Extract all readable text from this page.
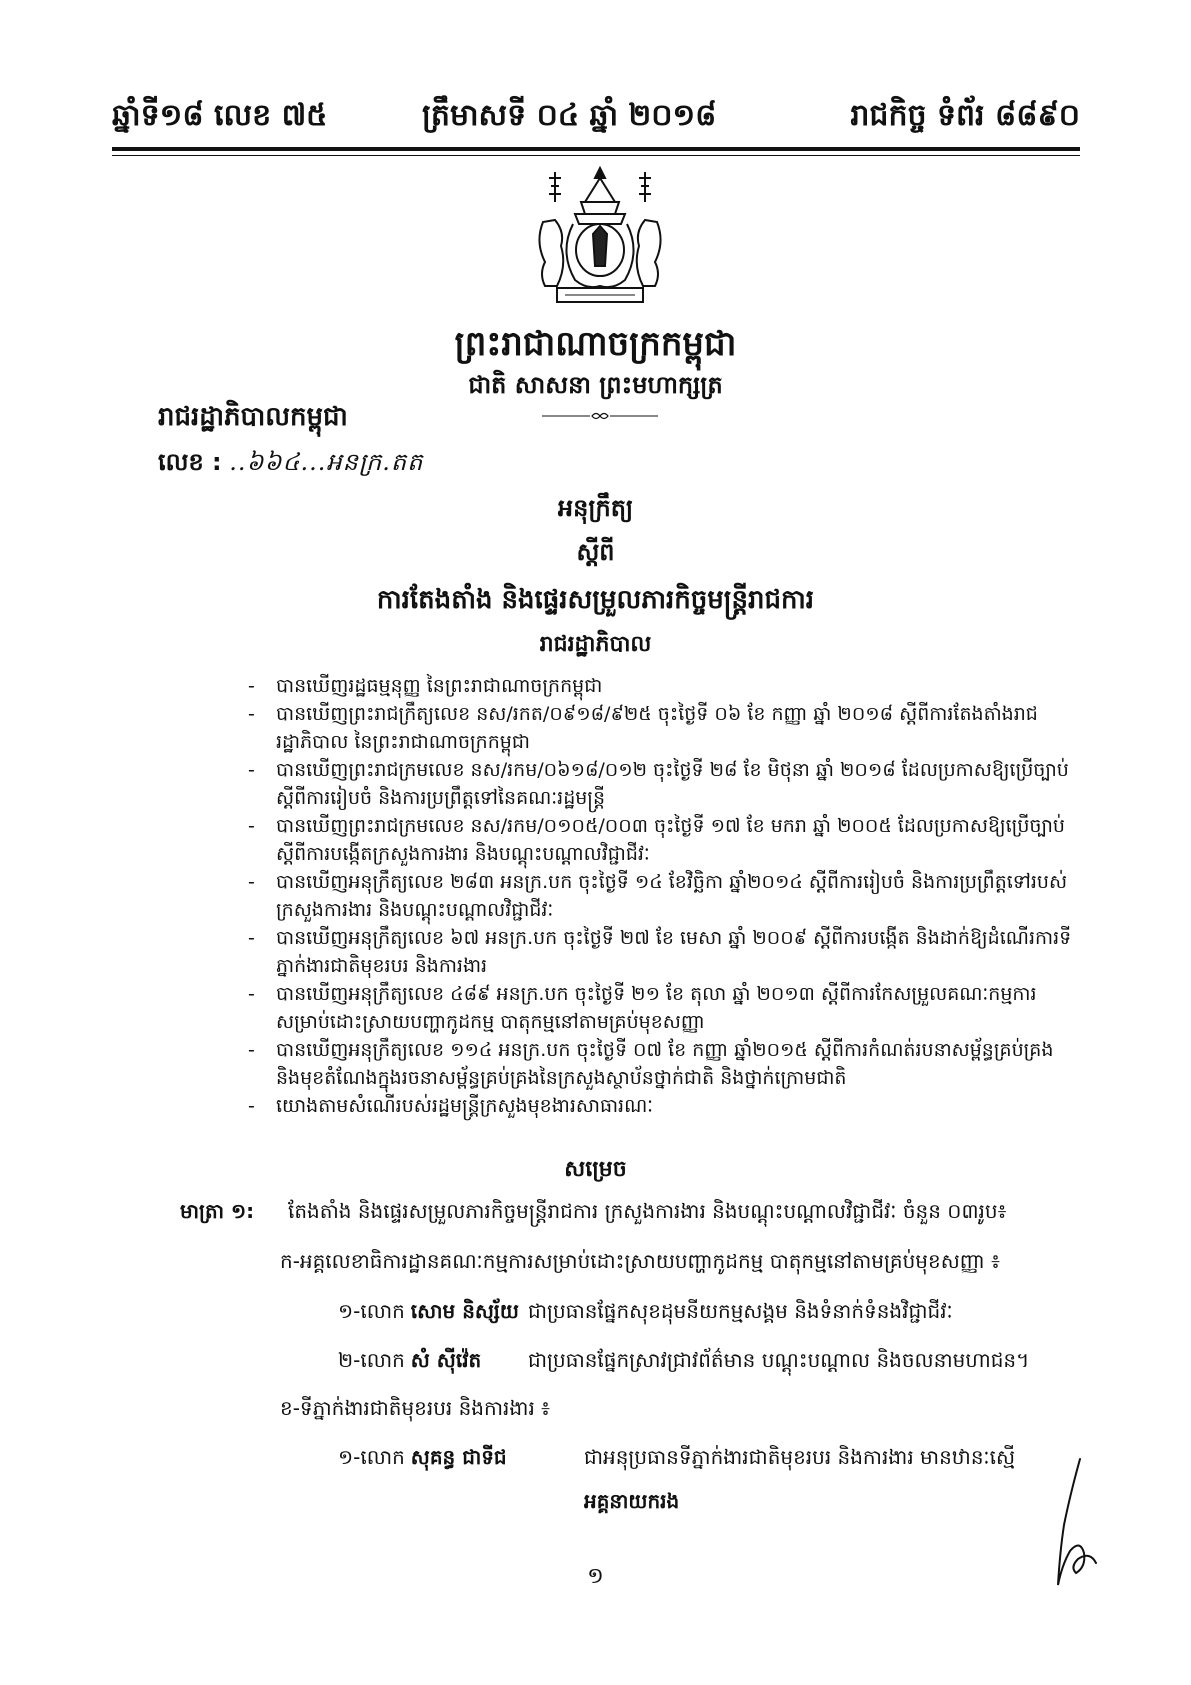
ឆ្នាំទី១៨ លេខ ៧៥	ត្រឹមាសទី ០៤ ឆ្នាំ ២០១៨	រាជកិច្ច ទំព័រ ៨៨៩០
ព្រះរាជាណាចក្រកម្ពុជា
ជាតិ សាសនា ព្រះមហាក្សត្រ
រាជរដ្ឋាភិបាលកម្ពុជា
លេខ : ..៦៦៤...អនក្រ.តត
អនុក្រឹត្យ
ស្តីពី
ការតែងតាំង និងផ្ទេរសម្រួលភារកិច្ចមន្ត្រីរាជការ
រាជរដ្ឋាភិបាល
- បានឃើញរដ្ឋធម្មនុញ្ញ នៃព្រះរាជាណាចក្រកម្ពុជា
- បានឃើញព្រះរាជក្រឹត្យលេខ នស/រកត/០៩១៨/៩២៥ ចុះថ្ងៃទី ០៦ ខែ កញ្ញា ឆ្នាំ ២០១៨ ស្តីពីការតែងតាំងរាជរដ្ឋាភិបាល នៃព្រះរាជាណាចក្រកម្ពុជា
- បានឃើញព្រះរាជក្រមលេខ នស/រកម/០៦១៨/០១២ ចុះថ្ងៃទី ២៨ ខែ មិថុនា ឆ្នាំ ២០១៨ ដែលប្រកាសឱ្យប្រើច្បាប់ ស្តីពីការរៀបចំ និងការប្រព្រឹត្តទៅនៃគណៈរដ្ឋមន្ត្រី
- បានឃើញព្រះរាជក្រមលេខ នស/រកម/០១០៥/០០៣ ចុះថ្ងៃទី ១៧ ខែ មករា ឆ្នាំ ២០០៥ ដែលប្រកាសឱ្យប្រើច្បាប់ ស្តីពីការបង្កើតក្រសួងការងារ និងបណ្តុះបណ្តាលវិជ្ជាជីវៈ
- បានឃើញអនុក្រឹត្យលេខ ២៨៣ អនក្រ.បក ចុះថ្ងៃទី ១៤ ខែវិច្ឆិកា ឆ្នាំ២០១៤ ស្តីពីការរៀបចំ និងការប្រព្រឹត្តទៅរបស់ក្រសួងការងារ និងបណ្តុះបណ្តាលវិជ្ជាជីវៈ
- បានឃើញអនុក្រឹត្យលេខ ៦៧ អនក្រ.បក ចុះថ្ងៃទី ២៧ ខែ មេសា ឆ្នាំ ២០០៩ ស្តីពីការបង្កើត និងដាក់ឱ្យដំណើរការទីភ្នាក់ងារជាតិមុខរបរ និងការងារ
- បានឃើញអនុក្រឹត្យលេខ ៤៨៩ អនក្រ.បក ចុះថ្ងៃទី ២១ ខែ តុលា ឆ្នាំ ២០១៣ ស្តីពីការកែសម្រួលគណៈកម្មការសម្រាប់ដោះស្រាយបញ្ហាកូដកម្ម បាតុកម្មនៅតាមគ្រប់មុខសញ្ញា
- បានឃើញអនុក្រឹត្យលេខ ១១៤ អនក្រ.បក ចុះថ្ងៃទី ០៧ ខែ កញ្ញា ឆ្នាំ២០១៥ ស្តីពីការកំណត់របនាសម្ព័ន្ធគ្រប់គ្រង និងមុខតំណែងក្នុងរចនាសម្ព័ន្ធគ្រប់គ្រងនៃក្រសួងស្ថាប័នថ្នាក់ជាតិ និងថ្នាក់ក្រោមជាតិ
- យោងតាមសំណើរបស់រដ្ឋមន្ត្រីក្រសួងមុខងារសាធារណៈ
សម្រេច
មាត្រា ១:	តែងតាំង និងផ្ទេរសម្រួលភារកិច្ចមន្ត្រីរាជការ ក្រសួងការងារ និងបណ្តុះបណ្តាលវិជ្ជាជីវៈ ចំនួន ០៣រូប៖
ក-អគ្គលេខាធិការដ្ឋានគណៈកម្មការសម្រាប់ដោះស្រាយបញ្ហាកូដកម្ម បាតុកម្មនៅតាមគ្រប់មុខសញ្ញា ៖
១-លោក សោម និស្ស័យ ជាប្រធានផ្នែកសុខដុមនីយកម្មសង្គម និងទំនាក់ទំនងវិជ្ជាជីវៈ
២-លោក សំ ស៊ីវ៉េត ជាប្រធានផ្នែកស្រាវជ្រាវព័ត៌មាន បណ្តុះបណ្តាល និងចលនាមហាជន។
ខ-ទីភ្នាក់ងារជាតិមុខរបរ និងការងារ ៖
១-លោក សុគន្ធ ជាទីជ	ជាអនុប្រធានទីភ្នាក់ងារជាតិមុខរបរ និងការងារ មានឋានៈស្មើ
អគ្គនាយករង
១
